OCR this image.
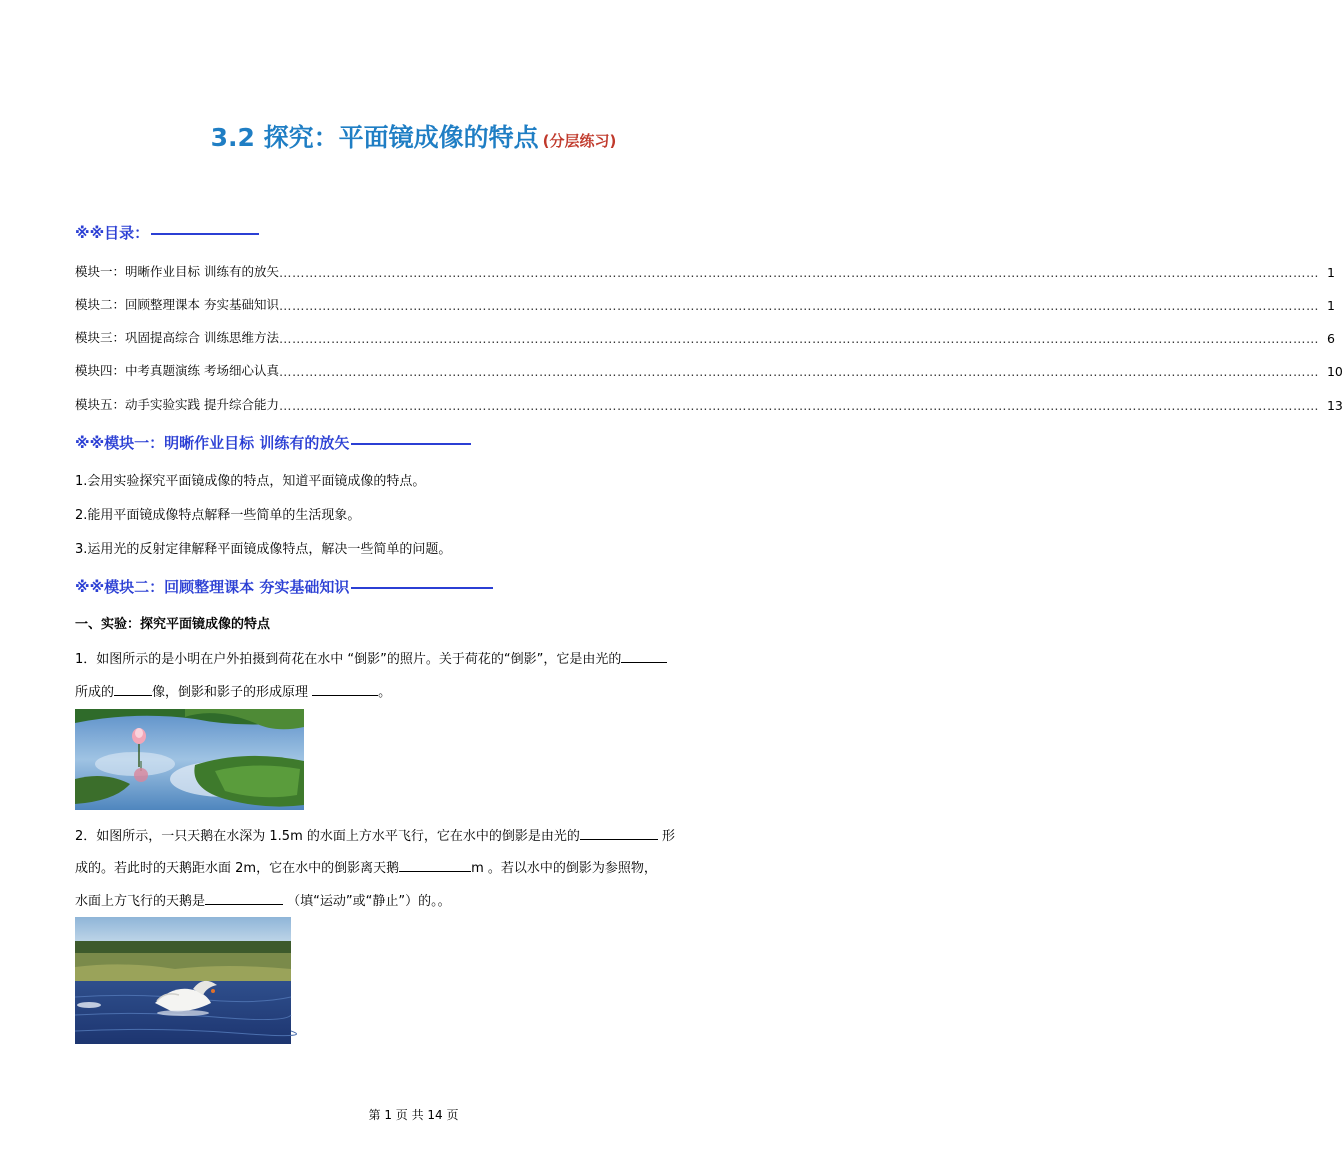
3.2 探究：平面镜成像的特点 (分层练习)
※※目录：
模块一：明晰作业目标 训练有的放矢 …………………………………………………………………………………………………………………………………………………………………………………………………………………… 1
模块二：回顾整理课本 夯实基础知识 …………………………………………………………………………………………………………………………………………………………………………………………………………………… 1
模块三：巩固提高综合 训练思维方法 …………………………………………………………………………………………………………………………………………………………………………………………………………………… 6
模块四：中考真题演练 考场细心认真 …………………………………………………………………………………………………………………………………………………………………………………………………………………… 10
模块五：动手实验实践 提升综合能力 …………………………………………………………………………………………………………………………………………………………………………………………………………………… 13
※※模块一：明晰作业目标 训练有的放矢
1.会用实验探究平面镜成像的特点，知道平面镜成像的特点。
2.能用平面镜成像特点解释一些简单的生活现象。
3.运用光的反射定律解释平面镜成像特点，解决一些简单的问题。
※※模块二：回顾整理课本 夯实基础知识
一、实验：探究平面镜成像的特点
1．如图所示的是小明在户外拍摄到荷花在水中 “倒影”的照片。关于荷花的“倒影”，它是由光的
所成的	像，倒影和影子的形成原理	。
2．如图所示，一只天鹅在水深为 1.5m 的水面上方水平飞行，它在水中的倒影是由光的	形
成的。若此时的天鹅距水面 2m，它在水中的倒影离天鹅	m 。若以水中的倒影为参照物，
水面上方飞行的天鹅是	（填“运动”或“静止”）的。。
第 1 页 共 14 页
